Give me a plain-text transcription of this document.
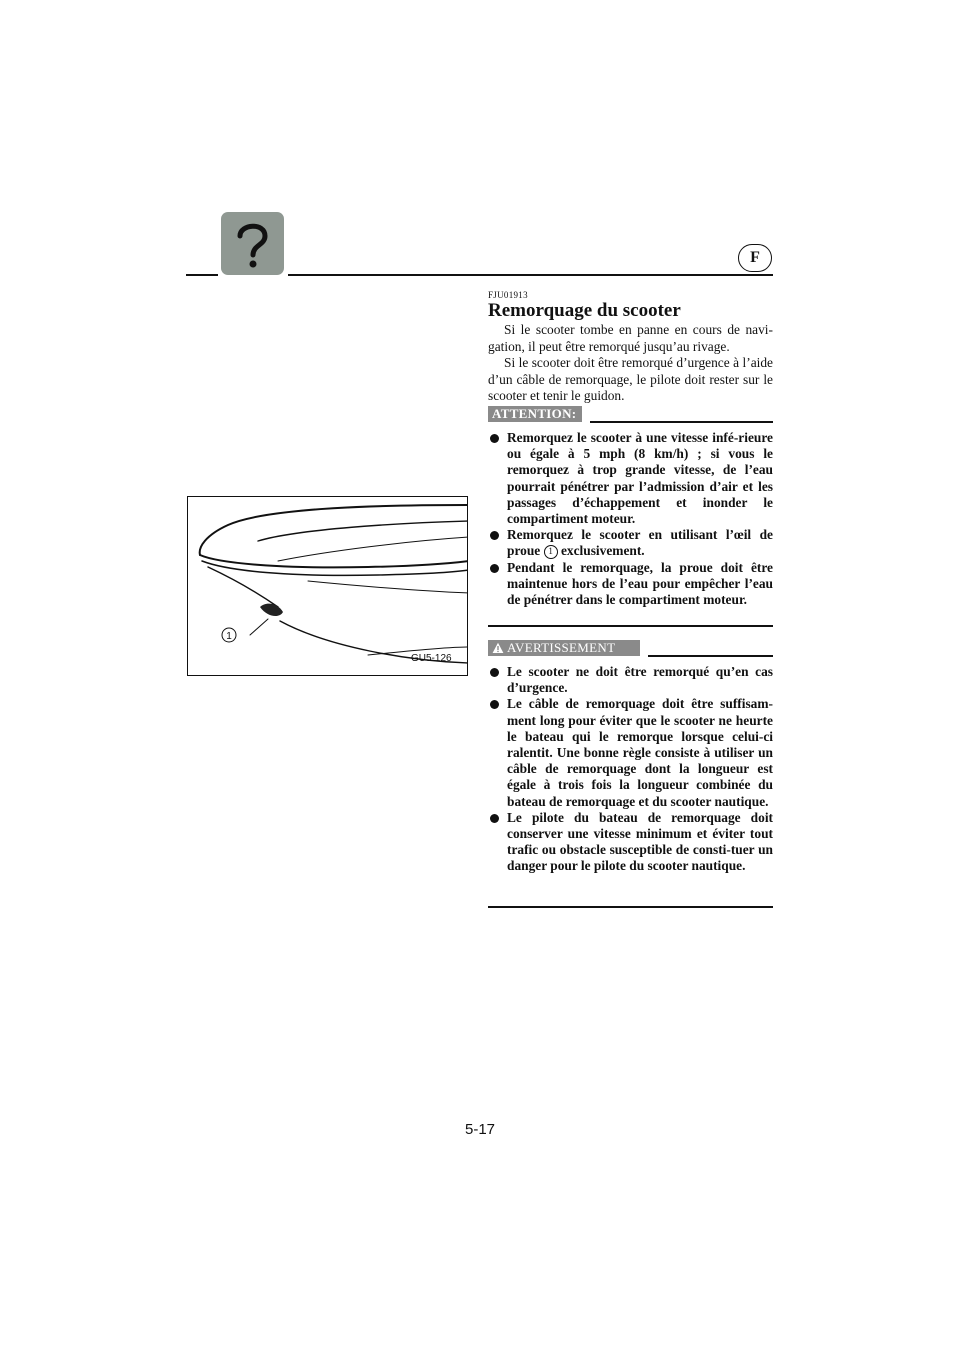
F
FJU01913
Remorquage du scooter

Si le scooter tombe en panne en cours de navi-gation, il peut être remorqué jusqu’au rivage.

Si le scooter doit être remorqué d’urgence à l’aide d’un câble de remorquage, le pilote doit rester sur le scooter et tenir le guidon.

ATTENTION:
Remorquez le scooter à une vitesse infé-rieure ou égale à 5 mph (8 km/h) ; si vous le remorquez à trop grande vitesse, de l’eau pourrait pénétrer par l’admission d’air et les passages d’échappement et inonder le compartiment moteur.
Remorquez le scooter en utilisant l’œil de proue 1 exclusivement.
Pendant le remorquage, la proue doit être maintenue hors de l’eau pour empêcher l’eau de pénétrer dans le compartiment moteur.
AVERTISSEMENT
Le scooter ne doit être remorqué qu’en cas d’urgence.
Le câble de remorquage doit être suffisam-ment long pour éviter que le scooter ne heurte le bateau qui le remorque lorsque celui-ci ralentit. Une bonne règle consiste à utiliser un câble de remorquage dont la longueur est égale à trois fois la longueur combinée du bateau de remorquage et du scooter nautique.
Le pilote du bateau de remorquage doit conserver une vitesse minimum et éviter tout trafic ou obstacle susceptible de consti-tuer un danger pour le pilote du scooter nautique.
1
GU5-126
5-17
